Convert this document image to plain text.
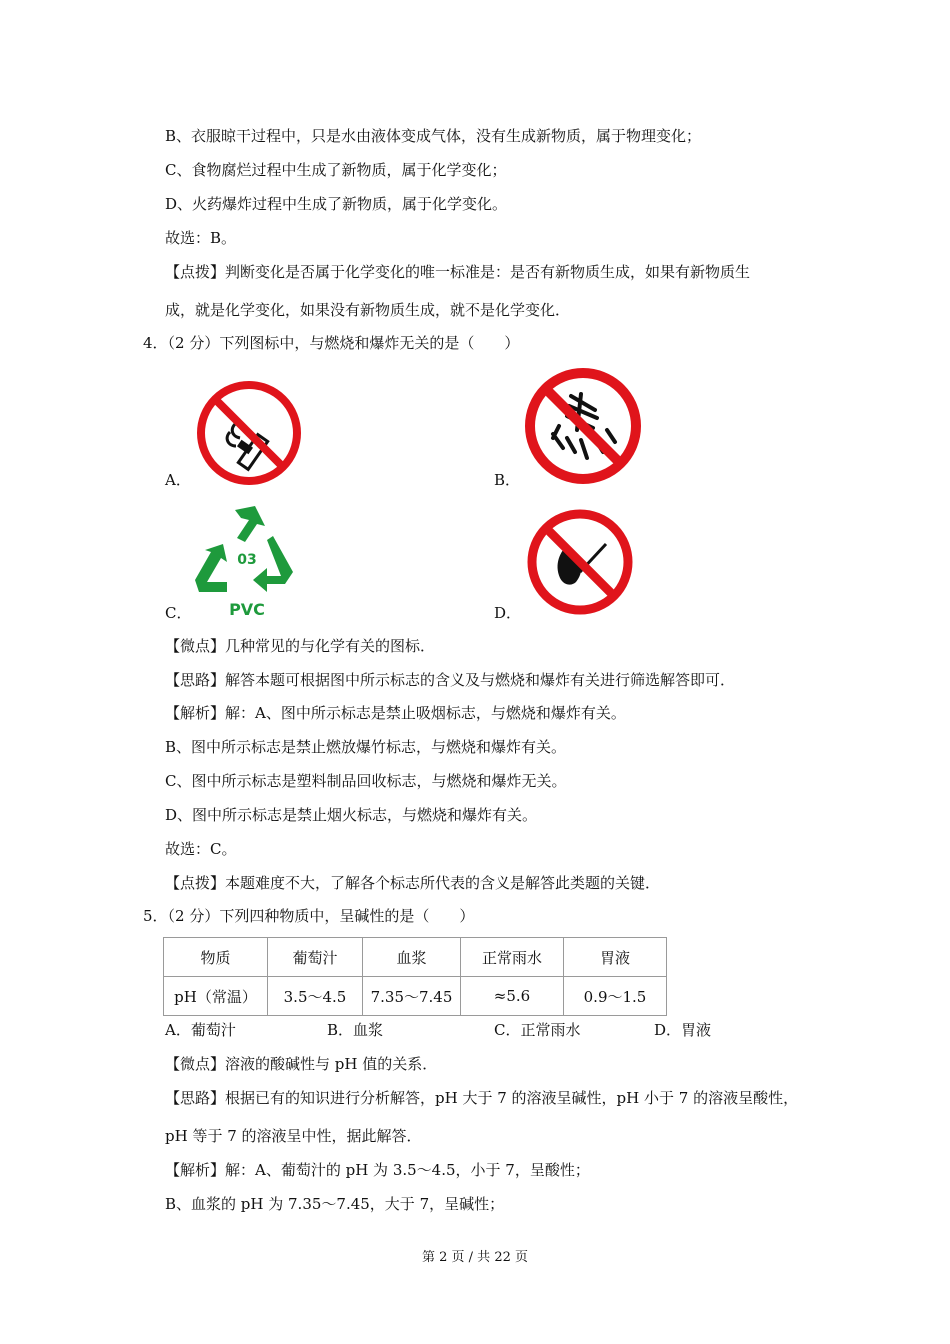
B、衣服晾干过程中，只是水由液体变成气体，没有生成新物质，属于物理变化；
C、食物腐烂过程中生成了新物质，属于化学变化；
D、火药爆炸过程中生成了新物质，属于化学变化。
故选：B。
【点拨】判断变化是否属于化学变化的唯一标准是：是否有新物质生成，如果有新物质生
成，就是化学变化，如果没有新物质生成，就不是化学变化．
4．（2 分）下列图标中，与燃烧和爆炸无关的是（　　）
A．	B．
C．
03
PVC	D．
【微点】几种常见的与化学有关的图标．
【思路】解答本题可根据图中所示标志的含义及与燃烧和爆炸有关进行筛选解答即可．
【解析】解：A、图中所示标志是禁止吸烟标志，与燃烧和爆炸有关。
B、图中所示标志是禁止燃放爆竹标志，与燃烧和爆炸有关。
C、图中所示标志是塑料制品回收标志，与燃烧和爆炸无关。
D、图中所示标志是禁止烟火标志，与燃烧和爆炸有关。
故选：C。
【点拨】本题难度不大，了解各个标志所代表的含义是解答此类题的关键．
5．（2 分）下列四种物质中，呈碱性的是（　　）
物质	葡萄汁	血浆	正常雨水	胃液
pH（常温）	3.5～4.5	7.35～7.45	≈5.6	0.9～1.5
A．葡萄汁	B．血浆	C．正常雨水	D．胃液
【微点】溶液的酸碱性与 pH 值的关系．
【思路】根据已有的知识进行分析解答，pH 大于 7 的溶液呈碱性，pH 小于 7 的溶液呈酸性，
pH 等于 7 的溶液呈中性，据此解答．
【解析】解：A、葡萄汁的 pH 为 3.5～4.5，小于 7，呈酸性；
B、血浆的 pH 为 7.35～7.45，大于 7，呈碱性；
第 2 页 / 共 22 页
